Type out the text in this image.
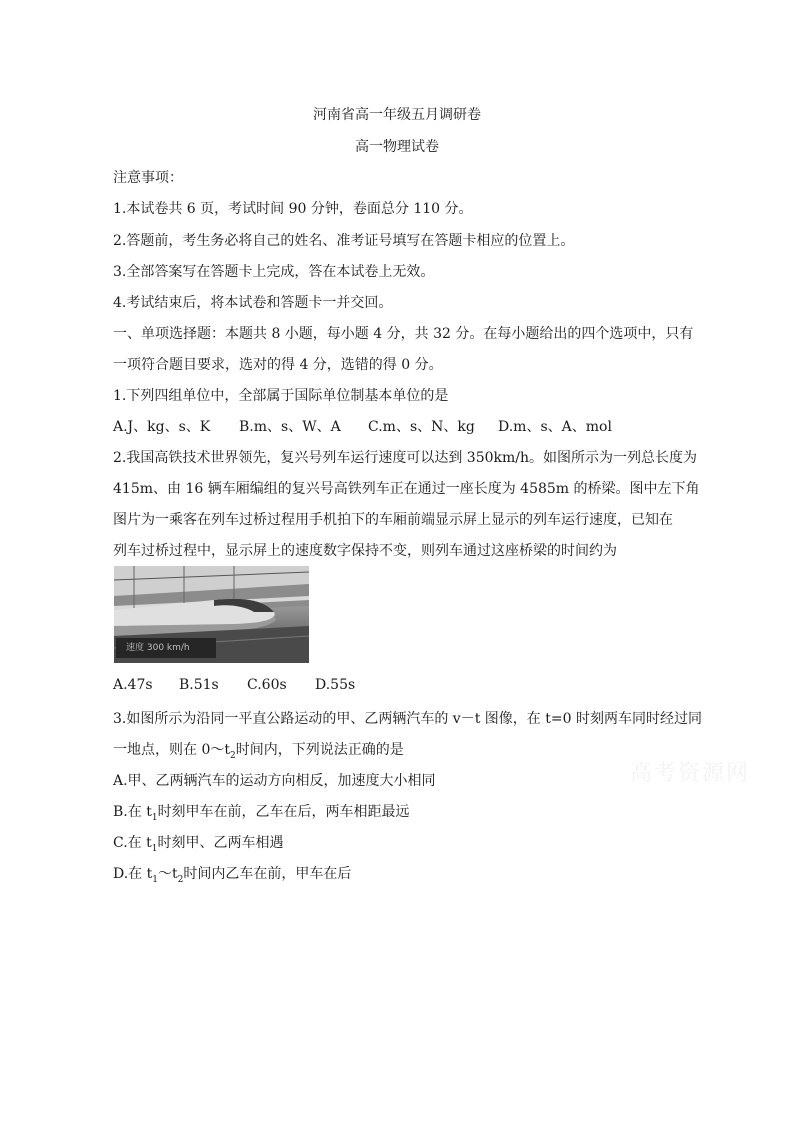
河南省高一年级五月调研卷
高一物理试卷
注意事项：
1.本试卷共 6 页，考试时间 90 分钟，卷面总分 110 分。
2.答题前，考生务必将自己的姓名、准考证号填写在答题卡相应的位置上。
3.全部答案写在答题卡上完成，答在本试卷上无效。
4.考试结束后，将本试卷和答题卡一并交回。
一、单项选择题：本题共 8 小题，每小题 4 分，共 32 分。在每小题给出的四个选项中，只有
一项符合题目要求，选对的得 4 分，选错的得 0 分。
1.下列四组单位中，全部属于国际单位制基本单位的是
A.J、kg、s、K B.m、s、W、A C.m、s、N、kg D.m、s、A、mol
2.我国高铁技术世界领先，复兴号列车运行速度可以达到 350km/h。如图所示为一列总长度为
415m、由 16 辆车厢编组的复兴号高铁列车正在通过一座长度为 4585m 的桥梁。图中左下角
图片为一乘客在列车过桥过程用手机拍下的车厢前端显示屏上显示的列车运行速度，已知在
列车过桥过程中，显示屏上的速度数字保持不变，则列车通过这座桥梁的时间约为
速度 300 km/h
A.47s B.51s C.60s D.55s
3.如图所示为沿同一平直公路运动的甲、乙两辆汽车的 v－t 图像，在 t=0 时刻两车同时经过同
一地点，则在 $0\sim t_2$时间内，下列说法正确的是
A.甲、乙两辆汽车的运动方向相反，加速度大小相同
B.在 $t_1$时刻甲车在前，乙车在后，两车相距最远
C.在 $t_1$时刻甲、乙两车相遇
D.在 $t_1\sim t_2$时间内乙车在前，甲车在后
高考资源网
